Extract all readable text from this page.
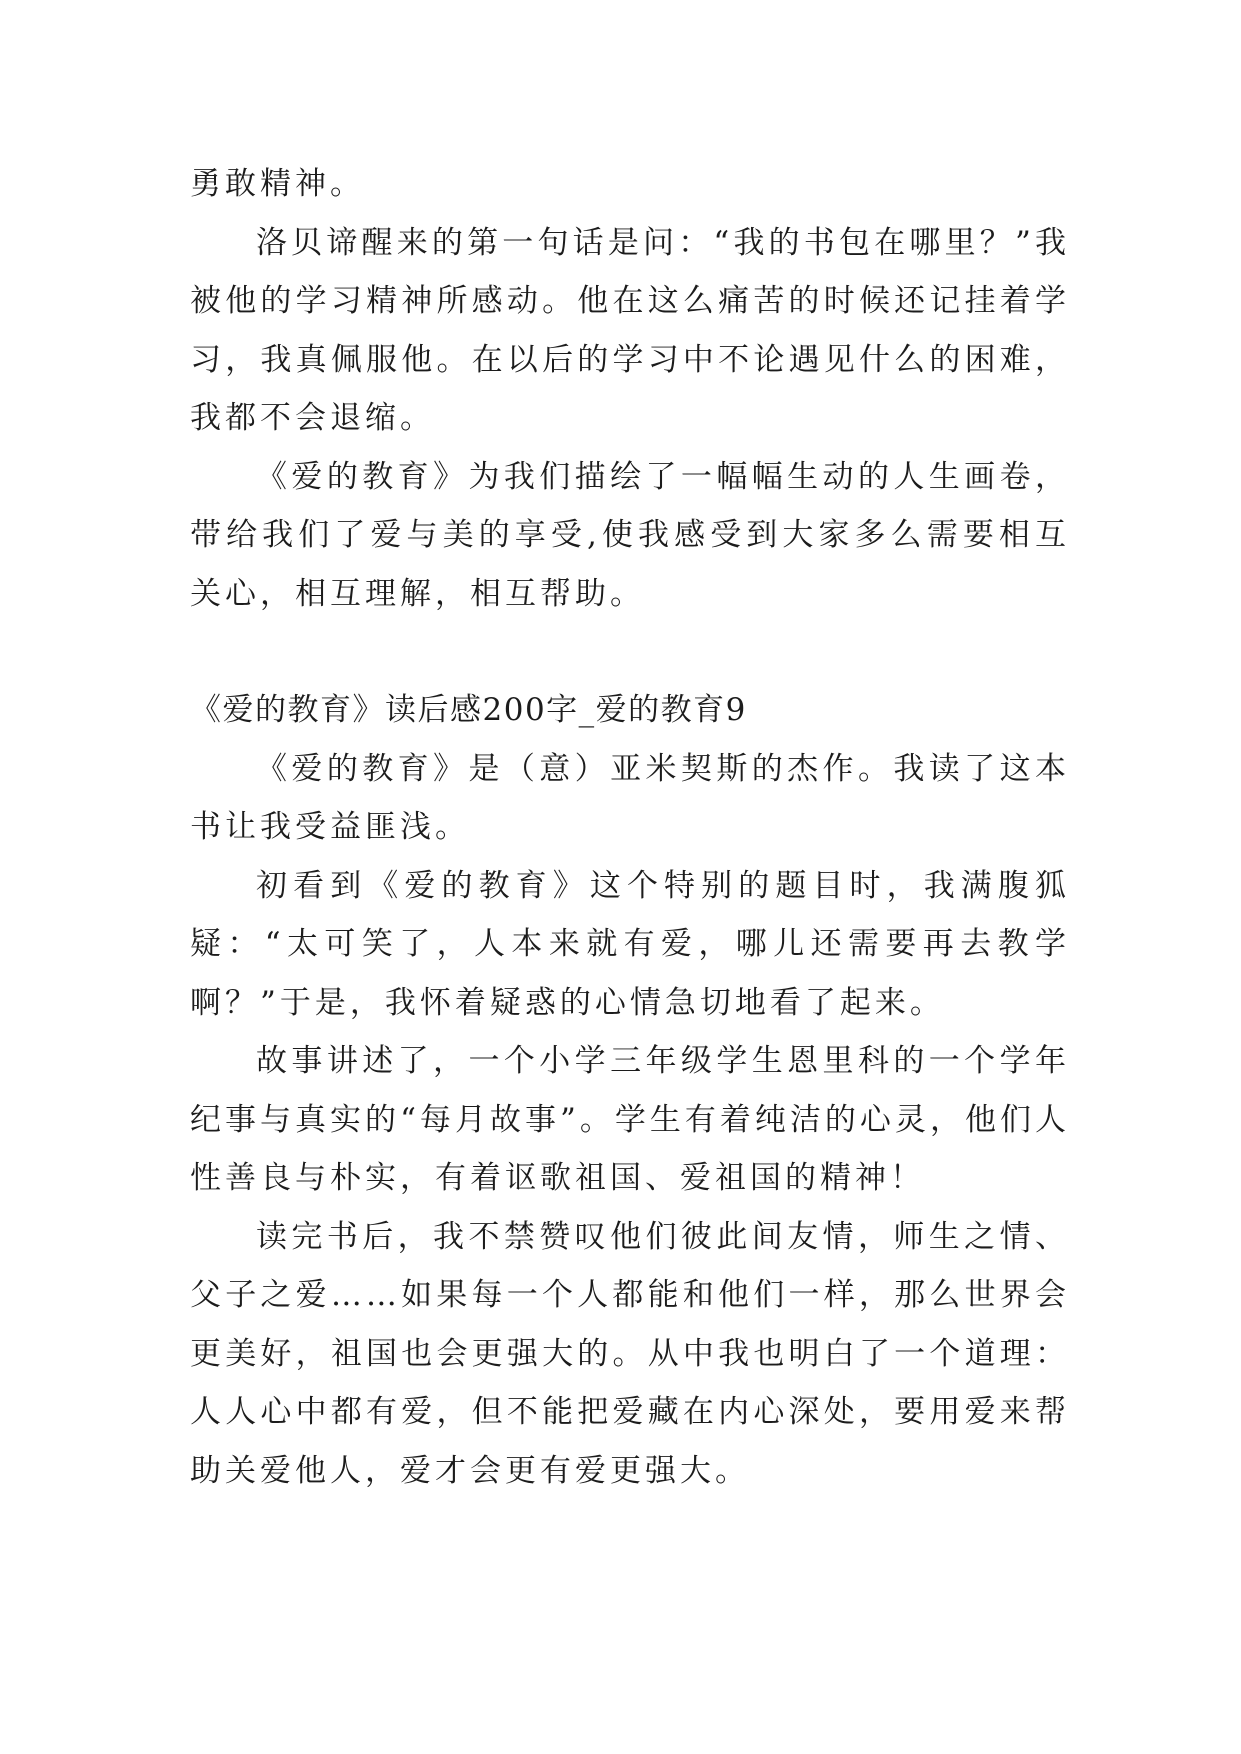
勇敢精神。

洛贝谛醒来的第一句话是问：“我的书包在哪里？”我被他的学习精神所感动。他在这么痛苦的时候还记挂着学习，我真佩服他。在以后的学习中不论遇见什么的困难，我都不会退缩。

《爱的教育》为我们描绘了一幅幅生动的人生画卷，带给我们了爱与美的享受,使我感受到大家多么需要相互关心，相互理解，相互帮助。

《爱的教育》读后感200字_爱的教育9

《爱的教育》是（意）亚米契斯的杰作。我读了这本书让我受益匪浅。

初看到《爱的教育》这个特别的题目时，我满腹狐疑：“太可笑了，人本来就有爱，哪儿还需要再去教学啊？”于是，我怀着疑惑的心情急切地看了起来。

故事讲述了，一个小学三年级学生恩里科的一个学年纪事与真实的“每月故事”。学生有着纯洁的心灵，他们人性善良与朴实，有着讴歌祖国、爱祖国的精神！

读完书后，我不禁赞叹他们彼此间友情，师生之情、父子之爱……如果每一个人都能和他们一样，那么世界会更美好，祖国也会更强大的。从中我也明白了一个道理：人人心中都有爱，但不能把爱藏在内心深处，要用爱来帮助关爱他人，爱才会更有爱更强大。
